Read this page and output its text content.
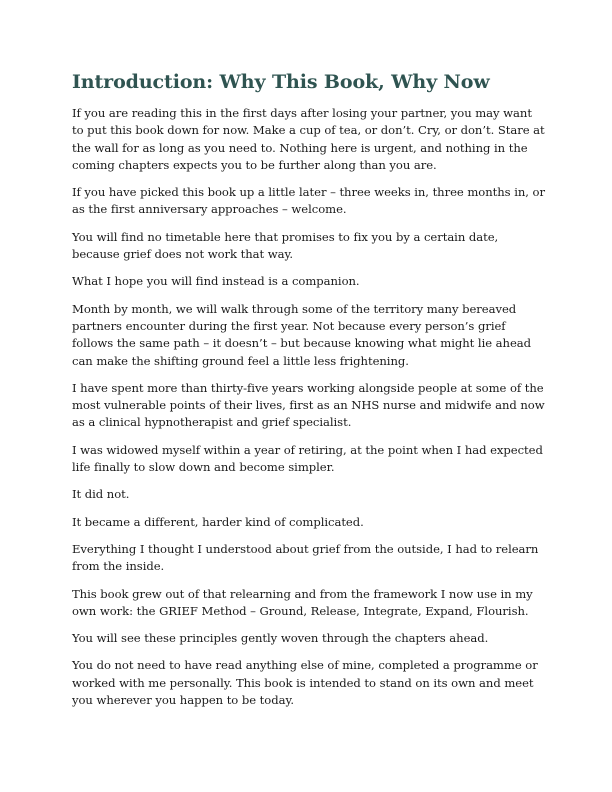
Introduction: Why This Book, Why Now

If you are reading this in the first days after losing your partner, you may want to put this book down for now. Make a cup of tea, or don’t. Cry, or don’t. Stare at the wall for as long as you need to. Nothing here is urgent, and nothing in the coming chapters expects you to be further along than you are.

If you have picked this book up a little later – three weeks in, three months in, or as the first anniversary approaches – welcome.

You will find no timetable here that promises to fix you by a certain date, because grief does not work that way.

What I hope you will find instead is a companion.

Month by month, we will walk through some of the territory many bereaved partners encounter during the first year. Not because every person’s grief follows the same path – it doesn’t – but because knowing what might lie ahead can make the shifting ground feel a little less frightening.

I have spent more than thirty-five years working alongside people at some of the most vulnerable points of their lives, first as an NHS nurse and midwife and now as a clinical hypnotherapist and grief specialist.

I was widowed myself within a year of retiring, at the point when I had expected life finally to slow down and become simpler.

It did not.

It became a different, harder kind of complicated.

Everything I thought I understood about grief from the outside, I had to relearn from the inside.

This book grew out of that relearning and from the framework I now use in my own work: the GRIEF Method – Ground, Release, Integrate, Expand, Flourish.

You will see these principles gently woven through the chapters ahead.

You do not need to have read anything else of mine, completed a programme or worked with me personally. This book is intended to stand on its own and meet you wherever you happen to be today.
